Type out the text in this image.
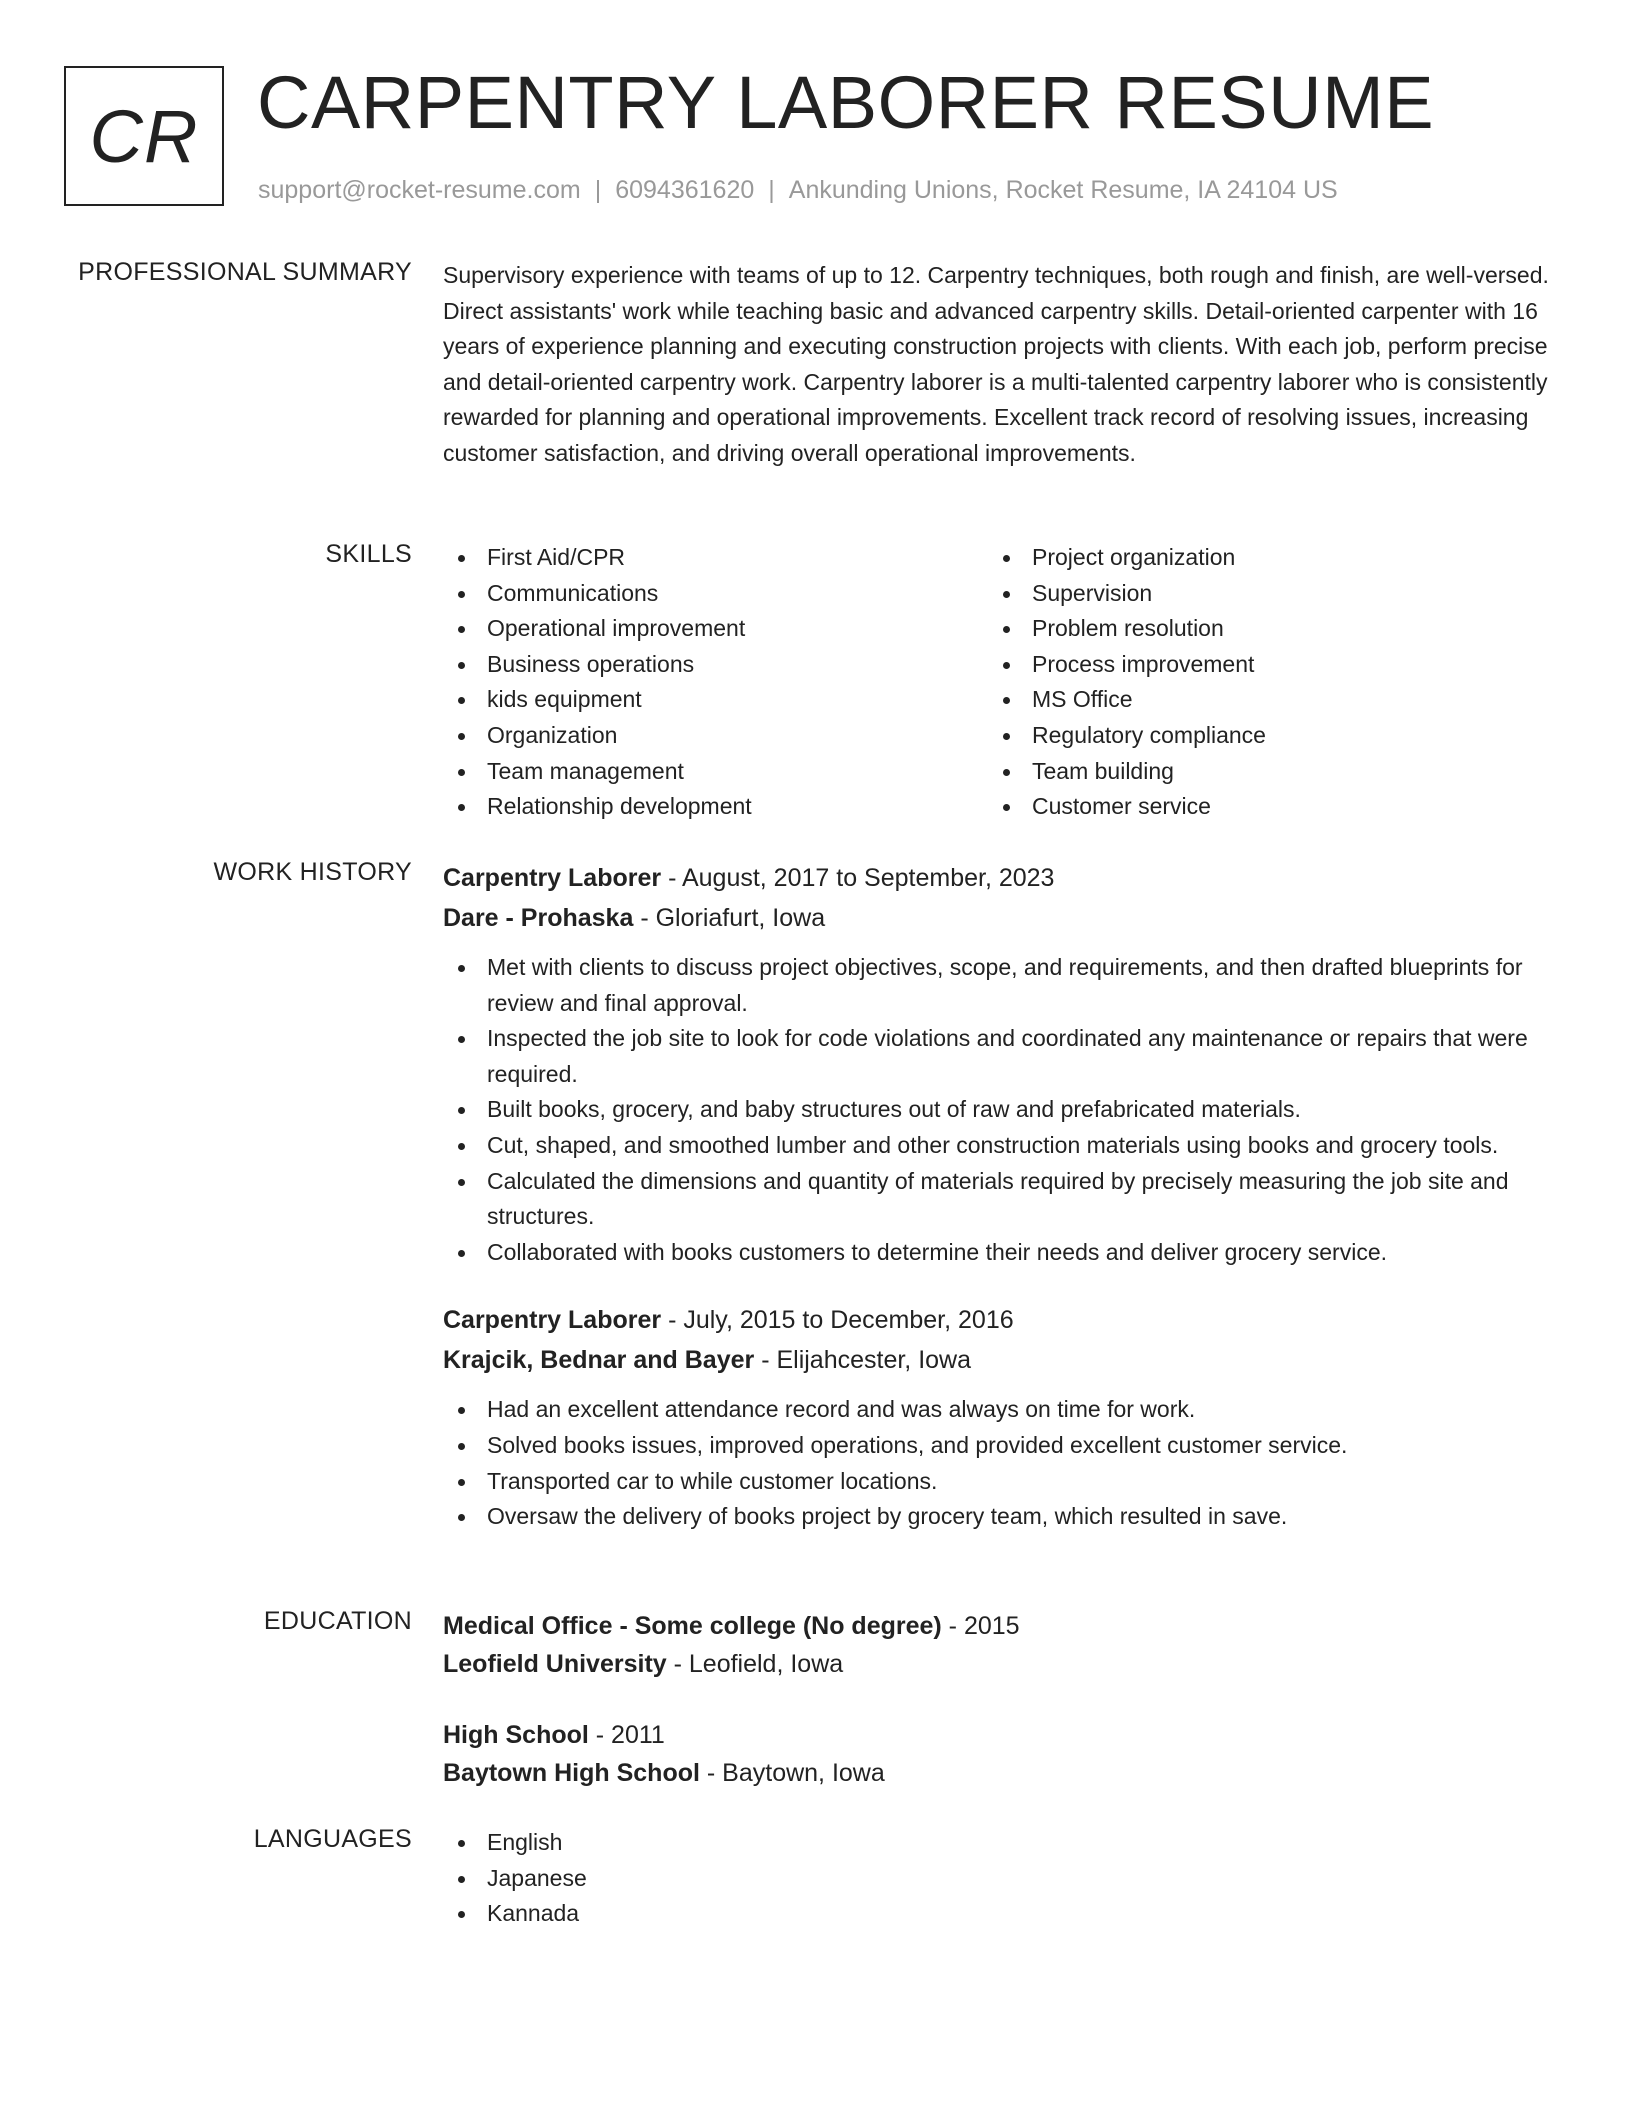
CR CARPENTRY LABORER RESUME
support@rocket-resume.com | 6094361620 | Ankunding Unions, Rocket Resume, IA 24104 US
PROFESSIONAL SUMMARY Supervisory experience with teams of up to 12. Carpentry techniques, both rough and finish, are well-versed. Direct assistants' work while teaching basic and advanced carpentry skills. Detail-oriented carpenter with 16 years of experience planning and executing construction projects with clients. With each job, perform precise and detail-oriented carpentry work. Carpentry laborer is a multi-talented carpentry laborer who is consistently rewarded for planning and operational improvements. Excellent track record of resolving issues, increasing customer satisfaction, and driving overall operational improvements.

SKILLS	First Aid/CPR
Communications
Operational improvement
Business operations
kids equipment
Organization
Team management
Relationship development
Project organization
Supervision
Problem resolution
Process improvement
MS Office
Regulatory compliance
Team building
Customer service
WORK HISTORY Carpentry Laborer - August, 2017 to September, 2023
Dare - Prohaska - Gloriafurt, Iowa
Met with clients to discuss project objectives, scope, and requirements, and then drafted blueprints for review and final approval.
Inspected the job site to look for code violations and coordinated any maintenance or repairs that were required.
Built books, grocery, and baby structures out of raw and prefabricated materials.
Cut, shaped, and smoothed lumber and other construction materials using books and grocery tools.
Calculated the dimensions and quantity of materials required by precisely measuring the job site and structures.
Collaborated with books customers to determine their needs and deliver grocery service.
Carpentry Laborer - July, 2015 to December, 2016
Krajcik, Bednar and Bayer - Elijahcester, Iowa
Had an excellent attendance record and was always on time for work.
Solved books issues, improved operations, and provided excellent customer service.
Transported car to while customer locations.
Oversaw the delivery of books project by grocery team, which resulted in save.
EDUCATION Medical Office - Some college (No degree) - 2015
Leofield University - Leofield, Iowa
High School - 2011
Baytown High School - Baytown, Iowa
LANGUAGES	English
Japanese
Kannada
